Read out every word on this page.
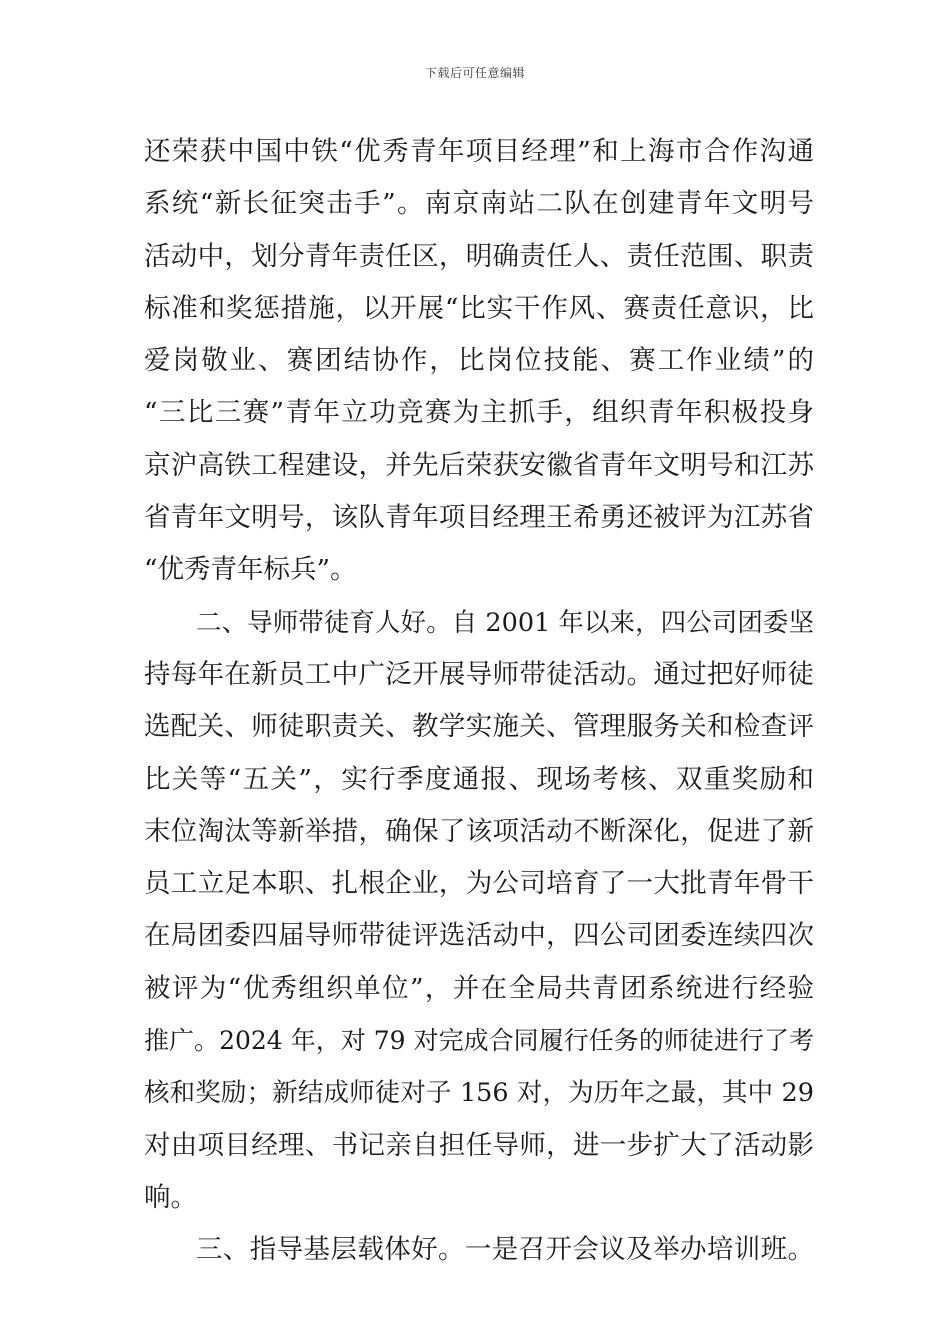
下载后可任意编辑
还荣获中国中铁“优秀青年项目经理”和上海市合作沟通
系统“新长征突击手”。南京南站二队在创建青年文明号
活动中，划分青年责任区，明确责任人、责任范围、职责
标准和奖惩措施，以开展“比实干作风、赛责任意识，比
爱岗敬业、赛团结协作，比岗位技能、赛工作业绩”的
“三比三赛”青年立功竞赛为主抓手，组织青年积极投身
京沪高铁工程建设，并先后荣获安徽省青年文明号和江苏
省青年文明号，该队青年项目经理王希勇还被评为江苏省
“优秀青年标兵”。
二、导师带徒育人好。自 2001 年以来，四公司团委坚
持每年在新员工中广泛开展导师带徒活动。通过把好师徒
选配关、师徒职责关、教学实施关、管理服务关和检查评
比关等“五关”，实行季度通报、现场考核、双重奖励和
末位淘汰等新举措，确保了该项活动不断深化，促进了新
员工立足本职、扎根企业，为公司培育了一大批青年骨干
在局团委四届导师带徒评选活动中，四公司团委连续四次
被评为“优秀组织单位”，并在全局共青团系统进行经验
推广。2024 年，对 79 对完成合同履行任务的师徒进行了考
核和奖励；新结成师徒对子 156 对，为历年之最，其中 29
对由项目经理、书记亲自担任导师，进一步扩大了活动影
响。
三、指导基层载体好。一是召开会议及举办培训班。
